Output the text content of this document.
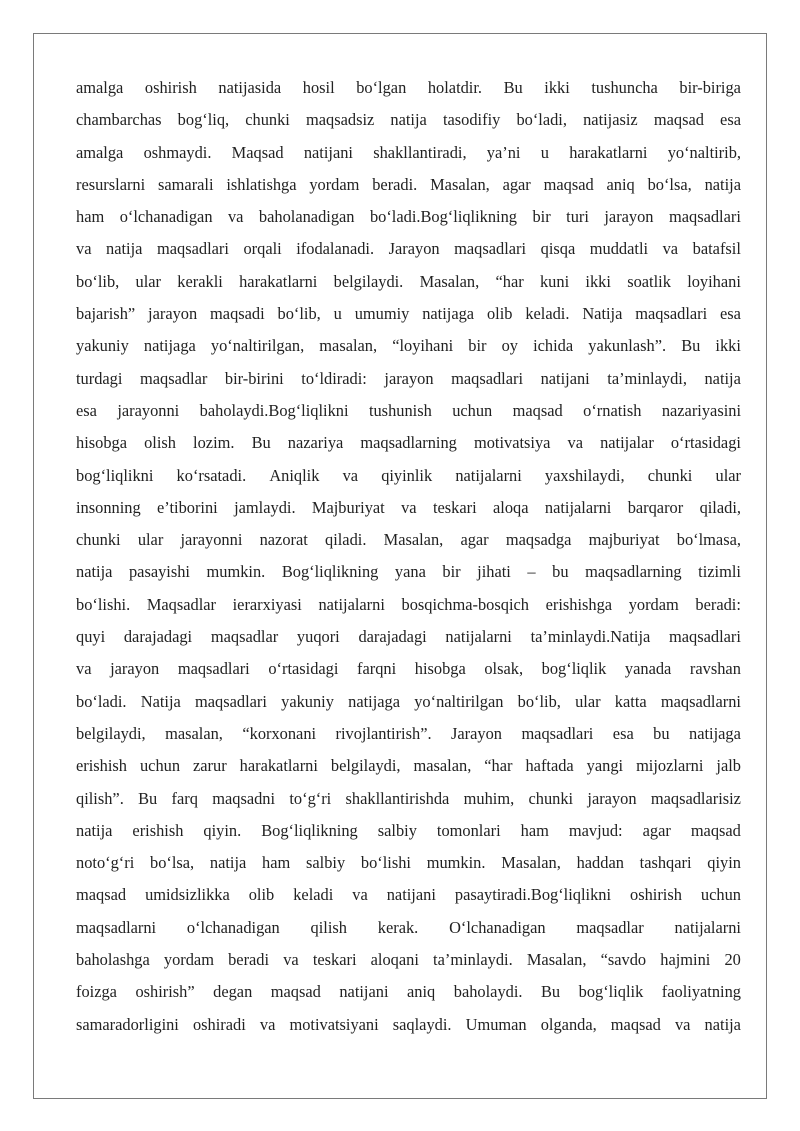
amalga oshirish natijasida hosil bo‘lgan holatdir. Bu ikki tushuncha bir-biriga
chambarchas bog‘liq, chunki maqsadsiz natija tasodifiy bo‘ladi, natijasiz maqsad esa
amalga oshmaydi. Maqsad natijani shakllantiradi, ya’ni u harakatlarni yo‘naltirib,
resurslarni samarali ishlatishga yordam beradi. Masalan, agar maqsad aniq bo‘lsa, natija
ham o‘lchanadigan va baholanadigan bo‘ladi.Bog‘liqlikning bir turi jarayon maqsadlari
va natija maqsadlari orqali ifodalanadi. Jarayon maqsadlari qisqa muddatli va batafsil
bo‘lib, ular kerakli harakatlarni belgilaydi. Masalan, “har kuni ikki soatlik loyihani
bajarish” jarayon maqsadi bo‘lib, u umumiy natijaga olib keladi. Natija maqsadlari esa
yakuniy natijaga yo‘naltirilgan, masalan, “loyihani bir oy ichida yakunlash”. Bu ikki
turdagi maqsadlar bir-birini to‘ldiradi: jarayon maqsadlari natijani ta’minlaydi, natija
esa jarayonni baholaydi.Bog‘liqlikni tushunish uchun maqsad o‘rnatish nazariyasini
hisobga olish lozim. Bu nazariya maqsadlarning motivatsiya va natijalar o‘rtasidagi
bog‘liqlikni ko‘rsatadi. Aniqlik va qiyinlik natijalarni yaxshilaydi, chunki ular
insonning e’tiborini jamlaydi. Majburiyat va teskari aloqa natijalarni barqaror qiladi,
chunki ular jarayonni nazorat qiladi. Masalan, agar maqsadga majburiyat bo‘lmasa,
natija pasayishi mumkin. Bog‘liqlikning yana bir jihati – bu maqsadlarning tizimli
bo‘lishi. Maqsadlar ierarxiyasi natijalarni bosqichma-bosqich erishishga yordam beradi:
quyi darajadagi maqsadlar yuqori darajadagi natijalarni ta’minlaydi.Natija maqsadlari
va jarayon maqsadlari o‘rtasidagi farqni hisobga olsak, bog‘liqlik yanada ravshan
bo‘ladi. Natija maqsadlari yakuniy natijaga yo‘naltirilgan bo‘lib, ular katta maqsadlarni
belgilaydi, masalan, “korxonani rivojlantirish”. Jarayon maqsadlari esa bu natijaga
erishish uchun zarur harakatlarni belgilaydi, masalan, “har haftada yangi mijozlarni jalb
qilish”. Bu farq maqsadni to‘g‘ri shakllantirishda muhim, chunki jarayon maqsadlarisiz
natija erishish qiyin. Bog‘liqlikning salbiy tomonlari ham mavjud: agar maqsad
noto‘g‘ri bo‘lsa, natija ham salbiy bo‘lishi mumkin. Masalan, haddan tashqari qiyin
maqsad umidsizlikka olib keladi va natijani pasaytiradi.Bog‘liqlikni oshirish uchun
maqsadlarni o‘lchanadigan qilish kerak. O‘lchanadigan maqsadlar natijalarni
baholashga yordam beradi va teskari aloqani ta’minlaydi. Masalan, “savdo hajmini 20
foizga oshirish” degan maqsad natijani aniq baholaydi. Bu bog‘liqlik faoliyatning
samaradorligini oshiradi va motivatsiyani saqlaydi. Umuman olganda, maqsad va natija
